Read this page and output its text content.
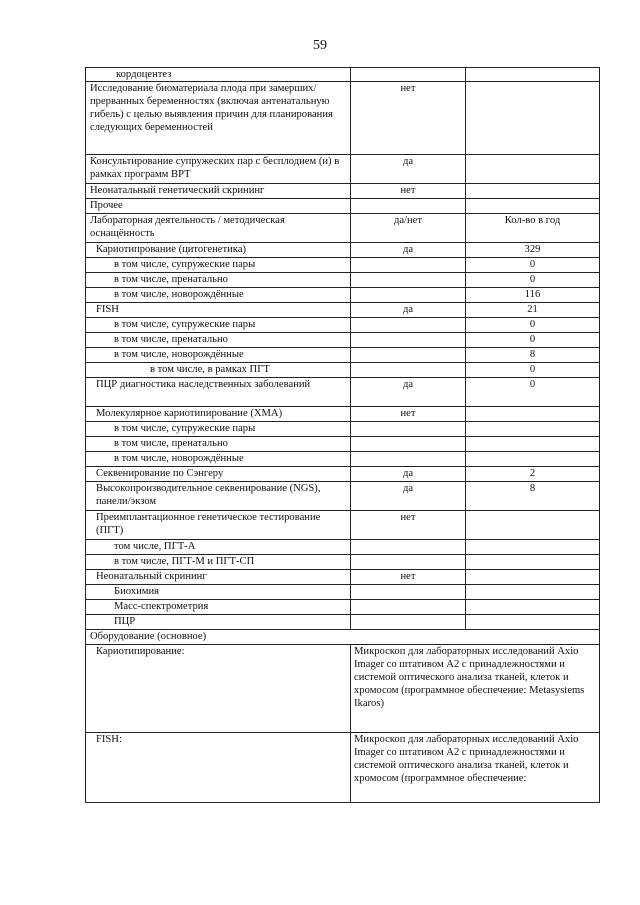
59
кордоцентез		
Исследование биоматериала плода при замерших/прерванных беременностях (включая антенатальную гибель) с целью выявления причин для планирования следующих беременностей	нет	
Консультирование супружеских пар с бесплодием (и) в рамках программ ВРТ	да	
Неонатальный генетический скрининг	нет	
Прочее		
Лабораторная деятельность / методическая оснащённость	да/нет	Кол-во в год
Кариотипрование (цитогенетика)	да	329
в том числе, супружеские пары		0
в том числе, пренатально		0
в том числе, новорождённые		116
FISH	да	21
в том числе, супружеские пары		0
в том числе, пренатально		0
в том числе, новорождённые		8
в том числе, в рамках ПГТ		0
ПЦР диагностика наследственных заболеваний	да	0
Молекулярное кариотипирование (ХМА)	нет	
в том числе, супружеские пары		
в том числе, пренатально		
в том числе, новорождённые		
Секвенирование по Сэнгеру	да	2
Высокопроизводительное секвенирование (NGS), панели/экзом	да	8
Преимплантационное генетическое тестирование (ПГТ)	нет	
том числе, ПГТ-А		
в том числе, ПГТ-М и ПГТ-СП		
Неонатальный скрининг	нет	
Биохимия		
Масс-спектрометрия		
ПЦР		
Оборудование (основное)		
Кариотипирование:	Микроскоп для лабораторных исследований Axio Imager со штативом А2 с принадлежностями и системой оптического анализа тканей, клеток и хромосом (программное обеспечение: Metasystems Ikaros)	
FISH:	Микроскоп для лабораторных исследований Axio Imager со штативом А2 с принадлежностями и системой оптического анализа тканей, клеток и хромосом (программное обеспечение:	
